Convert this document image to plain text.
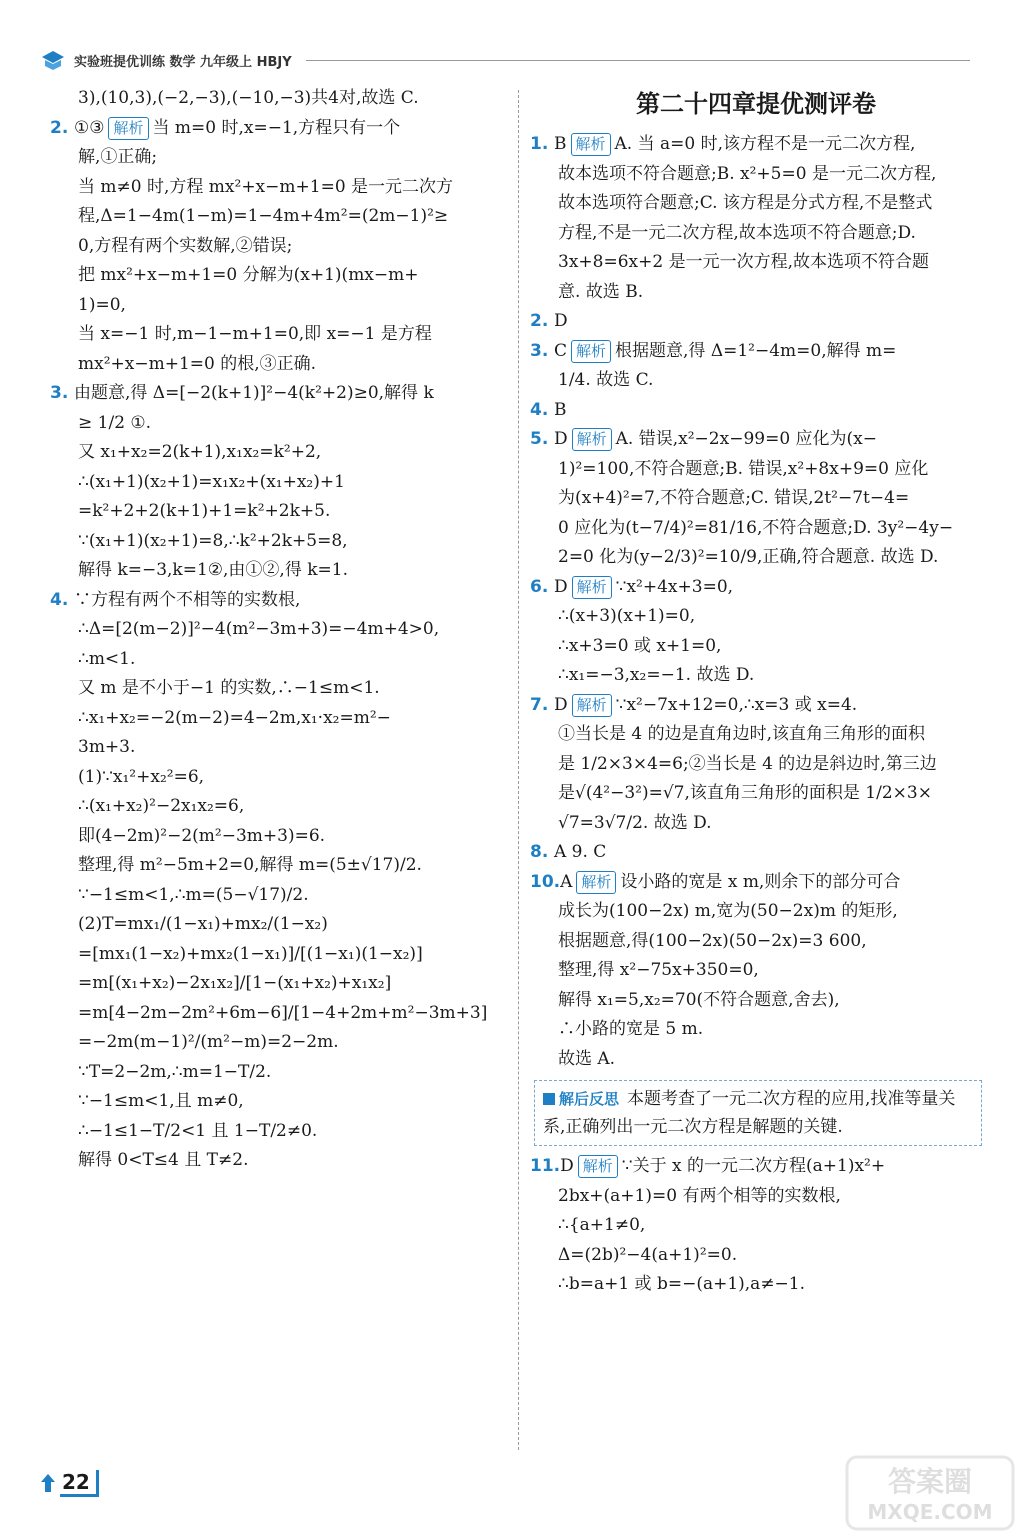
实验班提优训练 数学 九年级上 HBJY
3),(10,3),(−2,−3),(−10,−3)共4对,故选 C.
2. ①③ 解析 当 m=0 时,x=−1,方程只有一个
解,①正确;
当 m≠0 时,方程 mx²+x−m+1=0 是一元二次方
程,Δ=1−4m(1−m)=1−4m+4m²=(2m−1)²≥
0,方程有两个实数解,②错误;
把 mx²+x−m+1=0 分解为(x+1)(mx−m+
1)=0,
当 x=−1 时,m−1−m+1=0,即 x=−1 是方程
mx²+x−m+1=0 的根,③正确.
3. 由题意,得 Δ=[−2(k+1)]²−4(k²+2)≥0,解得 k
≥ 1/2 ①.
又 x₁+x₂=2(k+1),x₁x₂=k²+2,
∴(x₁+1)(x₂+1)=x₁x₂+(x₁+x₂)+1
=k²+2+2(k+1)+1=k²+2k+5.
∵(x₁+1)(x₂+1)=8,∴k²+2k+5=8,
解得 k=−3,k=1②,由①②,得 k=1.
4. ∵方程有两个不相等的实数根,
∴Δ=[2(m−2)]²−4(m²−3m+3)=−4m+4>0,
∴m<1.
又 m 是不小于−1 的实数,∴−1≤m<1.
∴x₁+x₂=−2(m−2)=4−2m,x₁·x₂=m²−
3m+3.
(1)∵x₁²+x₂²=6,
∴(x₁+x₂)²−2x₁x₂=6,
即(4−2m)²−2(m²−3m+3)=6.
整理,得 m²−5m+2=0,解得 m=(5±√17)/2.
∵−1≤m<1,∴m=(5−√17)/2.
(2)T=mx₁/(1−x₁)+mx₂/(1−x₂)
=[mx₁(1−x₂)+mx₂(1−x₁)]/[(1−x₁)(1−x₂)]
=m[(x₁+x₂)−2x₁x₂]/[1−(x₁+x₂)+x₁x₂]
=m[4−2m−2m²+6m−6]/[1−4+2m+m²−3m+3]
=−2m(m−1)²/(m²−m)=2−2m.
∵T=2−2m,∴m=1−T/2.
∵−1≤m<1,且 m≠0,
∴−1≤1−T/2<1 且 1−T/2≠0.
解得 0<T≤4 且 T≠2.
第二十四章提优测评卷
1. B 解析 A. 当 a=0 时,该方程不是一元二次方程,
故本选项不符合题意;B. x²+5=0 是一元二次方程,
故本选项符合题意;C. 该方程是分式方程,不是整式
方程,不是一元二次方程,故本选项不符合题意;D.
3x+8=6x+2 是一元一次方程,故本选项不符合题
意. 故选 B.
2. D
3. C 解析 根据题意,得 Δ=1²−4m=0,解得 m=
1/4. 故选 C.
4. B
5. D 解析 A. 错误,x²−2x−99=0 应化为(x−
1)²=100,不符合题意;B. 错误,x²+8x+9=0 应化
为(x+4)²=7,不符合题意;C. 错误,2t²−7t−4=
0 应化为(t−7/4)²=81/16,不符合题意;D. 3y²−4y−
2=0 化为(y−2/3)²=10/9,正确,符合题意. 故选 D.
6. D 解析 ∵x²+4x+3=0,
∴(x+3)(x+1)=0,
∴x+3=0 或 x+1=0,
∴x₁=−3,x₂=−1. 故选 D.
7. D 解析 ∵x²−7x+12=0,∴x=3 或 x=4.
①当长是 4 的边是直角边时,该直角三角形的面积
是 1/2×3×4=6;②当长是 4 的边是斜边时,第三边
是√(4²−3²)=√7,该直角三角形的面积是 1/2×3×
√7=3√7/2. 故选 D.
8. A 9. C
10.A 解析 设小路的宽是 x m,则余下的部分可合
成长为(100−2x) m,宽为(50−2x)m 的矩形,
根据题意,得(100−2x)(50−2x)=3 600,
整理,得 x²−75x+350=0,
解得 x₁=5,x₂=70(不符合题意,舍去),
∴小路的宽是 5 m.
故选 A.
解后反思 本题考查了一元二次方程的应用,找准等量关系,正确列出一元二次方程是解题的关键.
11.D 解析 ∵关于 x 的一元二次方程(a+1)x²+
2bx+(a+1)=0 有两个相等的实数根,
∴{a+1≠0,
Δ=(2b)²−4(a+1)²=0.
∴b=a+1 或 b=−(a+1),a≠−1.
22	答案圈
MXQE.COM
